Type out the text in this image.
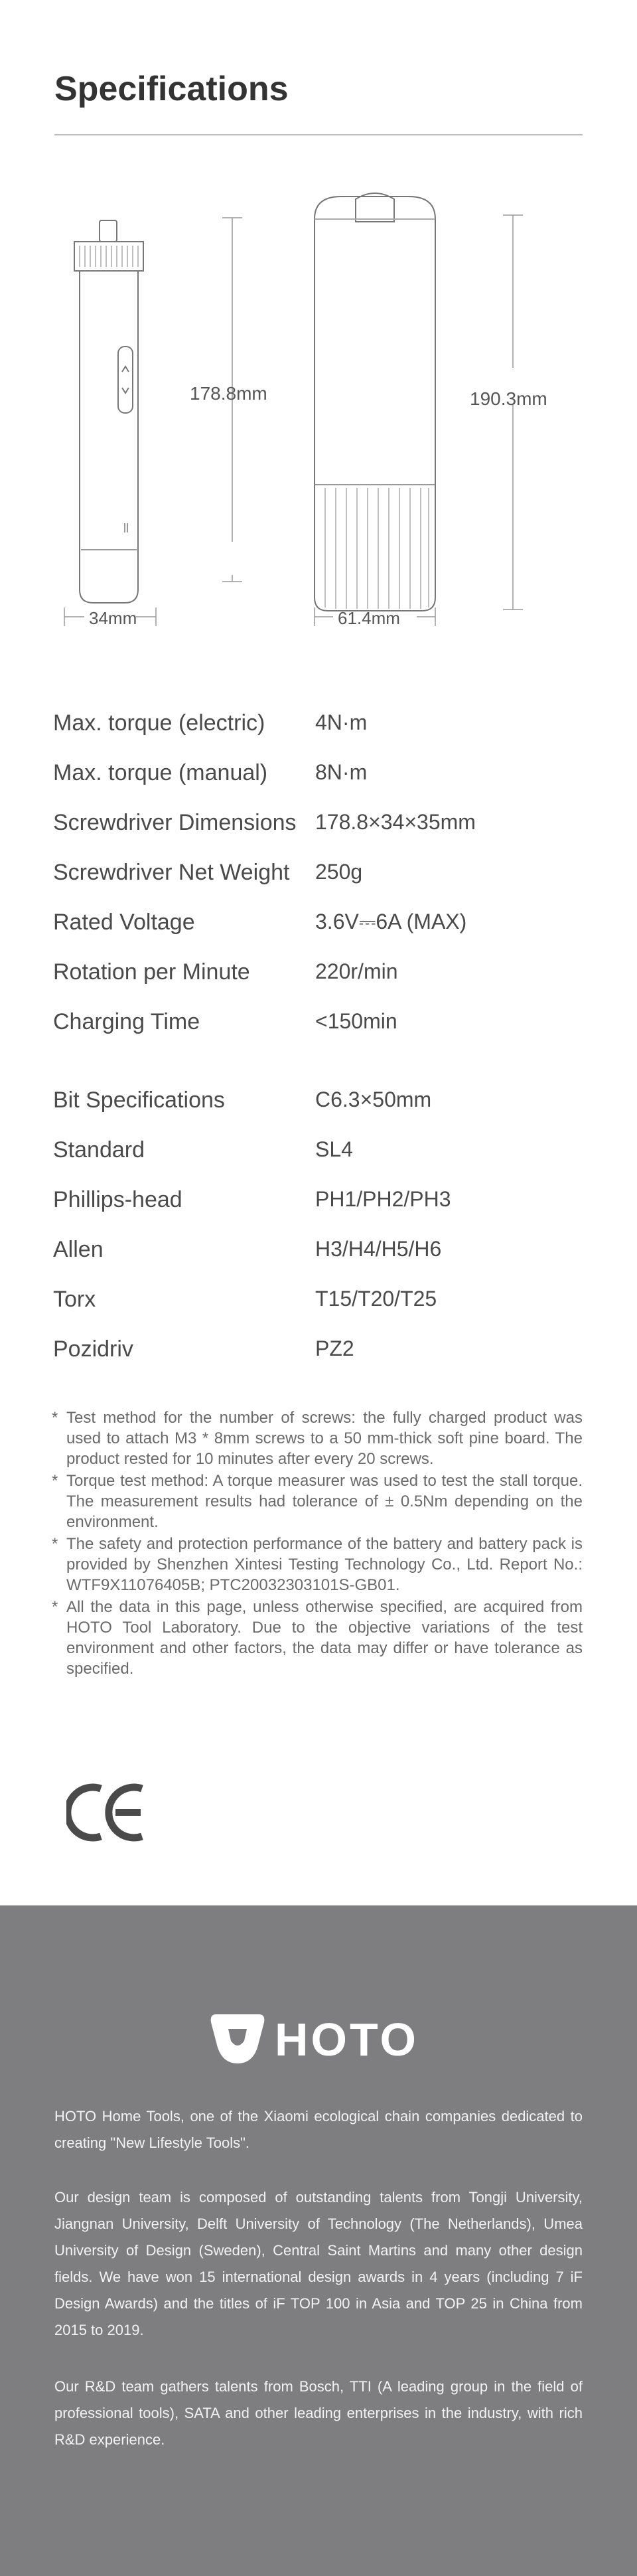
Specifications
178.8mm	190.3mm
34mm	61.4mm
Max. torque (electric) 4N·m
Max. torque (manual) 8N·m
Screwdriver Dimensions 178.8×34×35mm
Screwdriver Net Weight 250g
Rated Voltage	3.6V⎓6A (MAX)
Rotation per Minute	220r/min
Charging Time	<150min
Bit Specifications	C6.3×50mm
Standard	SL4
Phillips-head	PH1/PH2/PH3
Allen	H3/H4/H5/H6
Torx	T15/T20/T25
Pozidriv	PZ2
* Test method for the number of screws: the fully charged product was used to attach M3 * 8mm screws to a 50 mm-thick soft pine board. The product rested for 10 minutes after every 20 screws.
* Torque test method: A torque measurer was used to test the stall torque. The measurement results had tolerance of ± 0.5Nm depending on the environment.
* The safety and protection performance of the battery and battery pack is provided by Shenzhen Xintesi Testing Technology Co., Ltd. Report No.: WTF9X11076405B; PTC20032303101S-GB01.
* All the data in this page, unless otherwise specified, are acquired from HOTO Tool Laboratory. Due to the objective variations of the test environment and other factors, the data may differ or have tolerance as specified.
HOTO

HOTO Home Tools, one of the Xiaomi ecological chain companies dedicated to creating "New Lifestyle Tools".

Our design team is composed of outstanding talents from Tongji University, Jiangnan University, Delft University of Technology (The Netherlands), Umea University of Design (Sweden), Central Saint Martins and many other design fields. We have won 15 international design awards in 4 years (including 7 iF Design Awards) and the titles of iF TOP 100 in Asia and TOP 25 in China from 2015 to 2019.

Our R&D team gathers talents from Bosch, TTI (A leading group in the field of professional tools), SATA and other leading enterprises in the industry, with rich R&D experience.
